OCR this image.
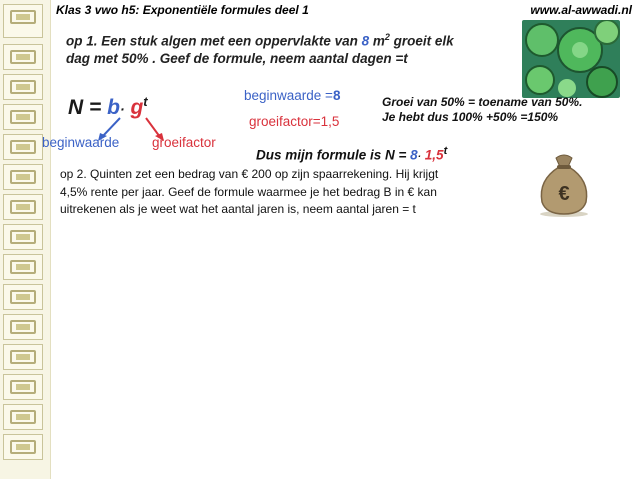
Klas 3 vwo h5: Exponentiële formules deel 1	www.al-awwadi.nl
op 1. Een stuk algen met een oppervlakte van 8 $m^2$ groeit elk
dag met 50% . Geef de formule, neem aantal dagen =t
$N = b\cdot g^t$
beginwaarde groeifactor
beginwaarde =8
groeifactor=1,5
Groei van 50% = toename van 50%.
Je hebt dus 100% +50% =150%
Dus mijn formule is $N = 8\cdot 1,5^t$
€
op 2. Quinten zet een bedrag van € 200 op zijn spaarrekening. Hij krijgt
4,5% rente per jaar. Geef de formule waarmee je het bedrag B in € kan
uitrekenen als je weet wat het aantal jaren is, neem aantal jaren = t
